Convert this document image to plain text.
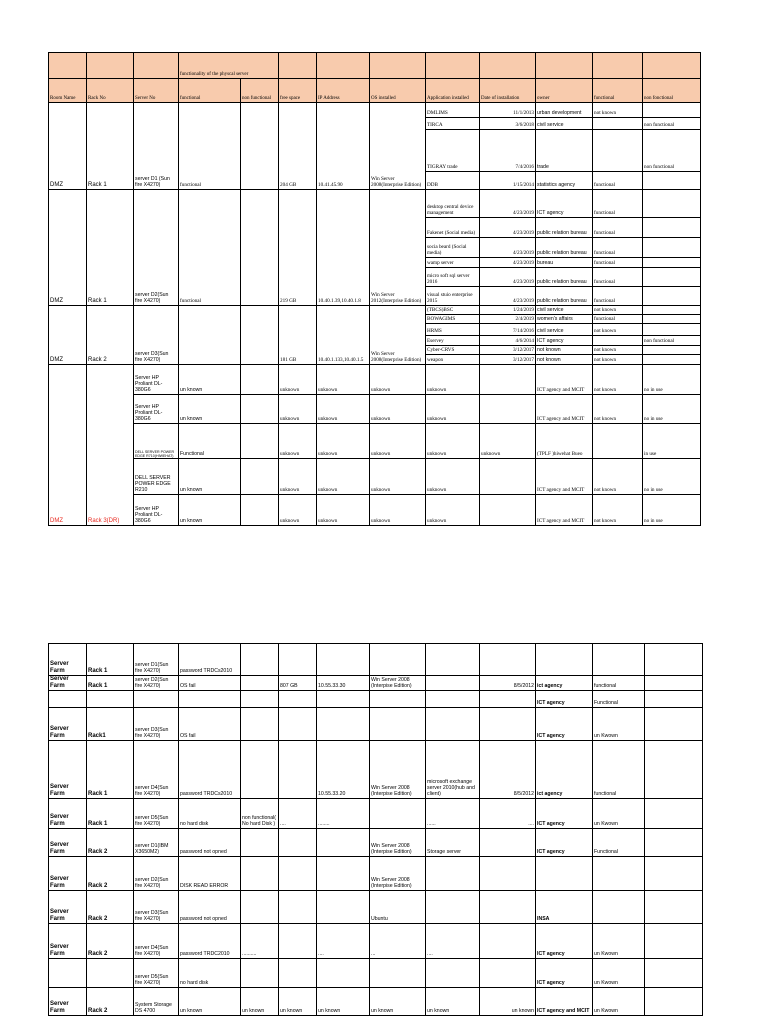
			functionality of the physcal server									
Room Name	Rack No	Server No	functional	non functional	free space	IP Address	OS installed	Application installed	Date of installation	owner	functional	non fonctional
DMZ	Rack 1	server D1 (Sun fire X4270)	functional		204 GB	10.41.45.90	Win Server 2008(Interprise Edition)	DMLIMS	11/1/2013	urban development	not known	
								TIRCA	3/6/2018	civil service		non functional
								TIGRAY trade	7/4/2016	trade		non functional
								DDB	1/15/2014	statistics agency	functional	
DMZ	Rack 1	server D2(Sun fire X4270)	functional		219 GB	10.40.1.39,10.40.1.8	Win Server 2012(Interprise Edition)	desktop central device management	4/23/2019	ICT agency	functional	
								Fakenet (Social media)	4/23/2019	public relation bureau	functional	
								socia beard (Social media)	4/23/2019	public relation bureau	functional	
								wamp server	4/23/2019	bureau	functional	
								micro soft sql server 2016	4/23/2019	public relation bureau	functional	
								visual stuio enterprise 2015	4/23/2019	public relation bureau	functional	
DMZ	Rack 2	server D3(Sun fire X4270)			181 GB	10.40.1.133,10.40.1.5	Win Server 2008(Interprise Edition)	(TBCS)BSC	1/24/2019	civil service	not known	
								BOWAGIMS	2/4/2019	women's affairs	functional	
								HRMS	7/14/2016	civil service	not known	
								Eservey	4/6/2014	ICT agency		non functional
								Cyber-CRVS	3/12/2017	not known	not known	
								weapon	3/12/2017	not known	not known	
DMZ	Rack 3(DR)	Server HP Proliant DL-380G6	un known		unknown	unknown	unknown	unknown		ICT agency and MCIT	not known	no in use
		Server HP Proliant DL-380G6	un known		unknown	unknown	unknown	unknown		ICT agency and MCIT	not known	no in use
		DELL SERVER POWER EDGE R710(HIWEHAT)	Functional		unknown	unknown	unknown	unknown	unknown	(TPLF )hiwehat Bueo		in use
		DELL SERVER POWER EDGE R210	un known		unknown	unknown	unknown	unknown		ICT agency and MCIT	not known	no in use
		Server HP Proliant DL-380G6	un known		unknown	unknown	unknown	unknown		ICT agency and MCIT	not known	no in use
Server Farm	Rack 1	server D1(Sun fire X4270)	password TRDCs2010									
Server Farm	Rack 1	server D2(Sun fire X4270)	OS fail		807 GB	10.55.33.30	Win Server 2008 (Interpise Edition)		8/5/2012	ict agency	functional	
										ICT agency	Functional	
Server Farm	Rack1	server D3(Sun fire X4270)	OS fail							ICT agency	un Kwown	
Server Farm	Rack 1	server D4(Sun fire X4270)	password TRDCs2010			10.55.33.20	Win Server 2008 (Interpise Edition)	microsoft exchange server 2010(hub and client)	8/5/2012	ict agency	functional	
Server Farm	Rack 1	server D5(Sun fire X4270)	no hard disk	non functional( No hard Disk )	....	........		......	....	ICT agency	un Kwown	
Server Farm	Rack 2	server D1(IBM X3650M2)	password not opned				Win Server 2008 (Interpise Edition)	Storage server		ICT agency	Functional	
Server Farm	Rack 2	server D2(Sun fire X4270)	DISK READ ERROR				Win Server 2008 (Interpise Edition)					
Server Farm	Rack 2	server D3(Sun fire X4270)	password not opned				Ubuntu			INSA		
Server Farm	Rack 2	server D4(Sun fire X4270)	password TRDC2010	..........		....	...	....		ICT agency	un Kwown	
		server D5(Sun fire X4270)	no hard disk							ICT agency	un Kwown	
Server Farm	Rack 2	System Storage DS 4700	un known	un known	un known	un known	un known	un known	un known	ICT agency and MCIT	un Kwown	
